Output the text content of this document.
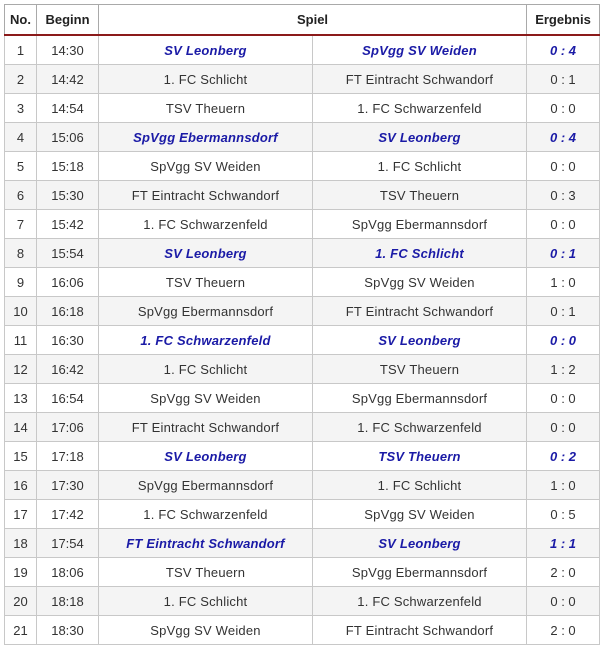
No.	Beginn	Spiel		Ergebnis
1	14:30	SV Leonberg	SpVgg SV Weiden	0 : 4
2	14:42	1. FC Schlicht	FT Eintracht Schwandorf	0 : 1
3	14:54	TSV Theuern	1. FC Schwarzenfeld	0 : 0
4	15:06	SpVgg Ebermannsdorf	SV Leonberg	0 : 4
5	15:18	SpVgg SV Weiden	1. FC Schlicht	0 : 0
6	15:30	FT Eintracht Schwandorf	TSV Theuern	0 : 3
7	15:42	1. FC Schwarzenfeld	SpVgg Ebermannsdorf	0 : 0
8	15:54	SV Leonberg	1. FC Schlicht	0 : 1
9	16:06	TSV Theuern	SpVgg SV Weiden	1 : 0
10	16:18	SpVgg Ebermannsdorf	FT Eintracht Schwandorf	0 : 1
11	16:30	1. FC Schwarzenfeld	SV Leonberg	0 : 0
12	16:42	1. FC Schlicht	TSV Theuern	1 : 2
13	16:54	SpVgg SV Weiden	SpVgg Ebermannsdorf	0 : 0
14	17:06	FT Eintracht Schwandorf	1. FC Schwarzenfeld	0 : 0
15	17:18	SV Leonberg	TSV Theuern	0 : 2
16	17:30	SpVgg Ebermannsdorf	1. FC Schlicht	1 : 0
17	17:42	1. FC Schwarzenfeld	SpVgg SV Weiden	0 : 5
18	17:54	FT Eintracht Schwandorf	SV Leonberg	1 : 1
19	18:06	TSV Theuern	SpVgg Ebermannsdorf	2 : 0
20	18:18	1. FC Schlicht	1. FC Schwarzenfeld	0 : 0
21	18:30	SpVgg SV Weiden	FT Eintracht Schwandorf	2 : 0
